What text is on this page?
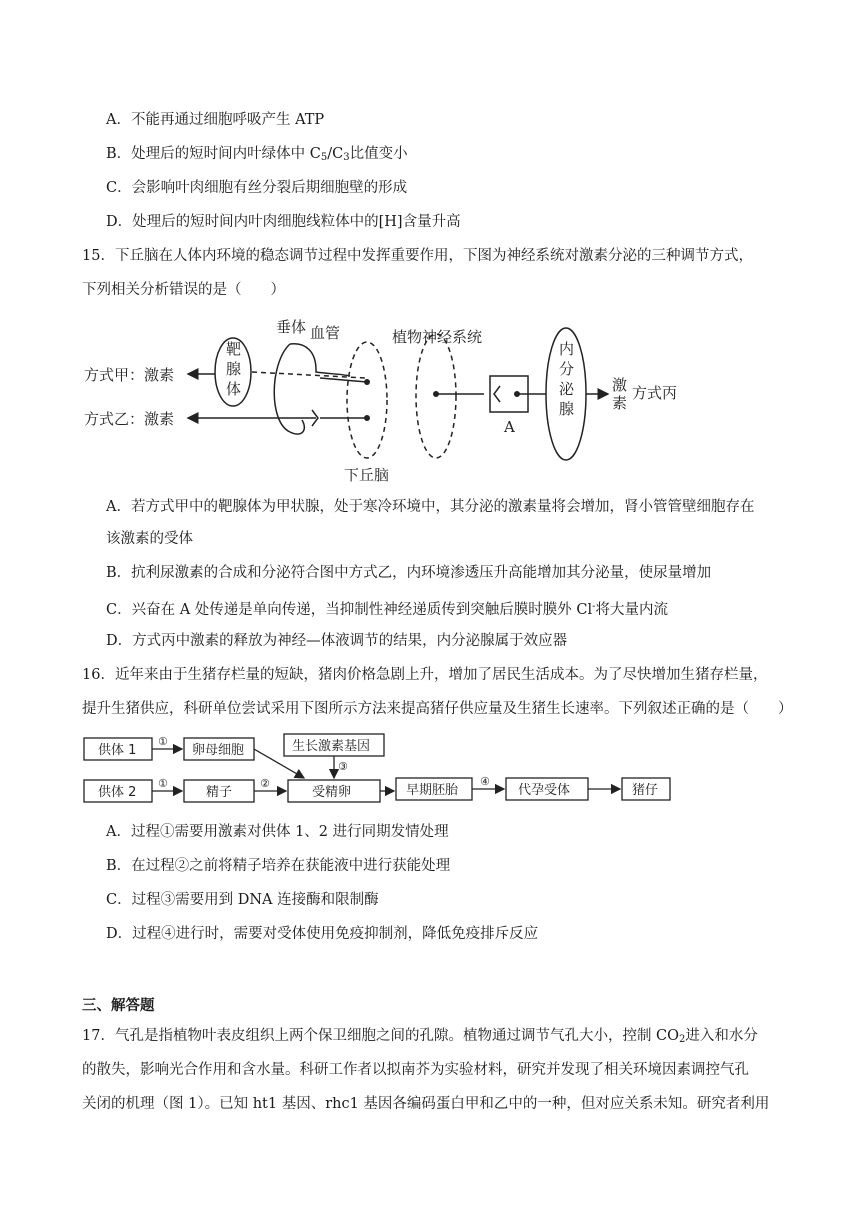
A．不能再通过细胞呼吸产生 ATP
B．处理后的短时间内叶绿体中 $C_5/C_3$比值变小
C．会影响叶肉细胞有丝分裂后期细胞壁的形成
D．处理后的短时间内叶肉细胞线粒体中的[H]含量升高
15．下丘脑在人体内环境的稳态调节过程中发挥重要作用，下图为神经系统对激素分泌的三种调节方式，
下列相关分析错误的是（　　）
垂体 血管
靶
腺
体
方式甲：激素
方式乙：激素
下丘脑
植物神经系统
A
内
分
泌
腺
激
素
方式丙
A．若方式甲中的靶腺体为甲状腺，处于寒冷环境中，其分泌的激素量将会增加，肾小管管壁细胞存在
该激素的受体
B．抗利尿激素的合成和分泌符合图中方式乙，内环境渗透压升高能增加其分泌量，使尿量增加
C．兴奋在 A 处传递是单向传递，当抑制性神经递质传到突触后膜时膜外 Cl-将大量内流
D．方式丙中激素的释放为神经—体液调节的结果，内分泌腺属于效应器
16．近年来由于生猪存栏量的短缺，猪肉价格急剧上升，增加了居民生活成本。为了尽快增加生猪存栏量，
提升生猪供应，科研单位尝试采用下图所示方法来提高猪仔供应量及生猪生长速率。下列叙述正确的是（　　）
供体 1	卵母细胞	生长激素基因
供体 2	精子	受精卵	早期胚胎	代孕受体	猪仔
①
①	②
③
④
A．过程①需要用激素对供体 1、2 进行同期发情处理
B．在过程②之前将精子培养在获能液中进行获能处理
C．过程③需要用到 DNA 连接酶和限制酶
D．过程④进行时，需要对受体使用免疫抑制剂，降低免疫排斥反应
三、解答题
17．气孔是指植物叶表皮组织上两个保卫细胞之间的孔隙。植物通过调节气孔大小，控制 $CO_2$进入和水分
的散失，影响光合作用和含水量。科研工作者以拟南芥为实验材料，研究并发现了相关环境因素调控气孔
关闭的机理（图 1）。已知 ht1 基因、rhc1 基因各编码蛋白甲和乙中的一种，但对应关系未知。研究者利用
